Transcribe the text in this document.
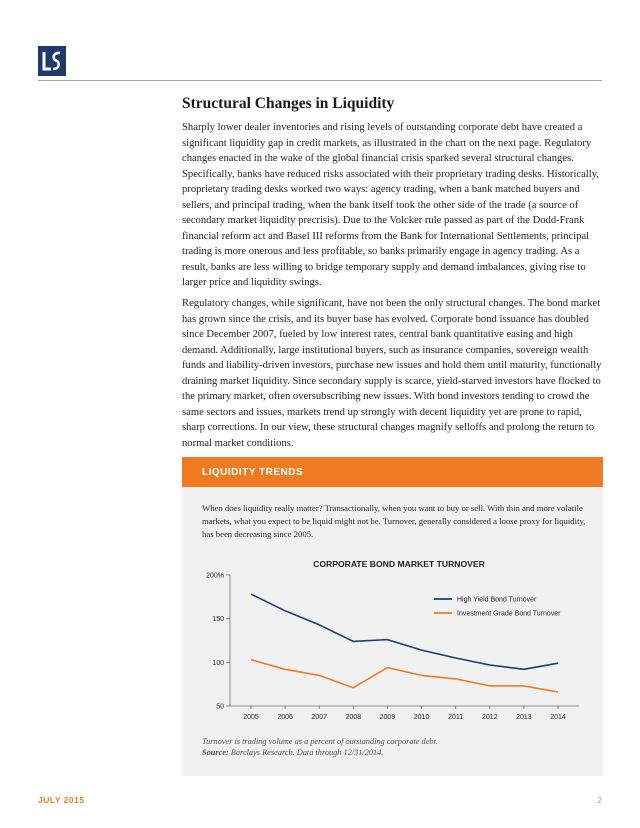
Structural Changes in Liquidity

Sharply lower dealer inventories and rising levels of outstanding corporate debt have created a significant liquidity gap in credit markets, as illustrated in the chart on the next page. Regulatory changes enacted in the wake of the global financial crisis sparked several structural changes. Specifically, banks have reduced risks associated with their proprietary trading desks. Historically, proprietary trading desks worked two ways: agency trading, when a bank matched buyers and sellers, and principal trading, when the bank itself took the other side of the trade (a source of secondary market liquidity precrisis). Due to the Volcker rule passed as part of the Dodd-Frank financial reform act and Basel III reforms from the Bank for International Settlements, principal trading is more onerous and less profitable, so banks primarily engage in agency trading. As a result, banks are less willing to bridge temporary supply and demand imbalances, giving rise to larger price and liquidity swings.

Regulatory changes, while significant, have not been the only structural changes. The bond market has grown since the crisis, and its buyer base has evolved. Corporate bond issuance has doubled since December 2007, fueled by low interest rates, central bank quantitative easing and high demand. Additionally, large institutional buyers, such as insurance companies, sovereign wealth funds and liability-driven investors, purchase new issues and hold them until maturity, functionally draining market liquidity. Since secondary supply is scarce, yield-starved investors have flocked to the primary market, often oversubscribing new issues. With bond investors tending to crowd the same sectors and issues, markets trend up strongly with decent liquidity yet are prone to rapid, sharp corrections. In our view, these structural changes magnify selloffs and prolong the return to normal market conditions.

LIQUIDITY TRENDS

When does liquidity really matter? Transactionally, when you want to buy or sell. With thin and more volatile markets, what you expect to be liquid might not be. Turnover, generally considered a loose proxy for liquidity, has been decreasing since 2005.

CORPORATE BOND MARKET TURNOVER
200%
150
100
50
2005	2006	2007	2008	2009	2010	2011	2012	2013	2014
High Yield Bond Turnover
Investment Grade Bond Turnover

Turnover is trading volume as a percent of outstanding corporate debt.
Source: Barclays Research. Data through 12/31/2014.

JULY 2015	2
